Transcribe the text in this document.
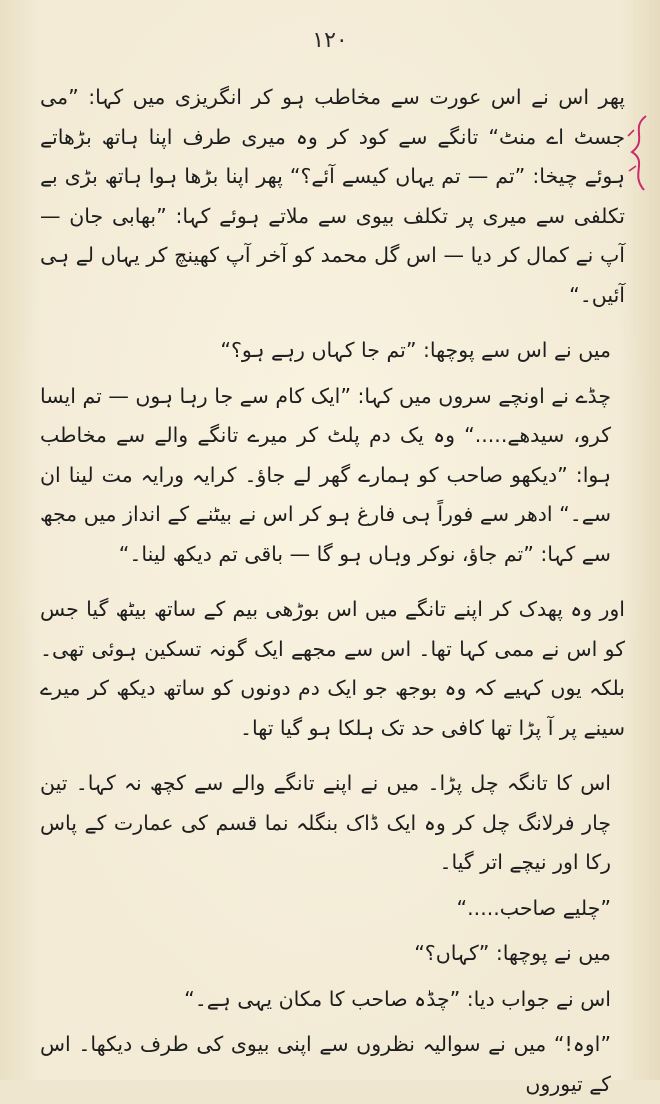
۱۲۰

پھر اس نے اس عورت سے مخاطب ہو کر انگریزی میں کہا: ”می جسٹ اے منٹ“ تانگے سے کود کر وہ میری طرف اپنا ہاتھ بڑھاتے ہوئے چیخا: ”تم — تم یہاں کیسے آئے؟“ پھر اپنا بڑھا ہوا ہاتھ بڑی بے تکلفی سے میری پر تکلف بیوی سے ملاتے ہوئے کہا: ”بھابی جان — آپ نے کمال کر دیا — اس گل محمد کو آخر آپ کھینچ کر یہاں لے ہی آئیں۔“

میں نے اس سے پوچھا: ”تم جا کہاں رہے ہو؟“

چڈے نے اونچے سروں میں کہا: ”ایک کام سے جا رہا ہوں — تم ایسا کرو، سیدھے.....“ وہ یک دم پلٹ کر میرے تانگے والے سے مخاطب ہوا: ”دیکھو صاحب کو ہمارے گھر لے جاؤ۔ کرایہ ورایہ مت لینا ان سے۔“ ادھر سے فوراً ہی فارغ ہو کر اس نے بیٹنے کے انداز میں مجھ سے کہا: ”تم جاؤ، نوکر وہاں ہو گا — باقی تم دیکھ لینا۔“

اور وہ پھدک کر اپنے تانگے میں اس بوڑھی بیم کے ساتھ بیٹھ گیا جس کو اس نے ممی کہا تھا۔ اس سے مجھے ایک گونہ تسکین ہوئی تھی۔ بلکہ یوں کہیے کہ وہ بوجھ جو ایک دم دونوں کو ساتھ دیکھ کر میرے سینے پر آ پڑا تھا کافی حد تک ہلکا ہو گیا تھا۔

اس کا تانگہ چل پڑا۔ میں نے اپنے تانگے والے سے کچھ نہ کہا۔ تین چار فرلانگ چل کر وہ ایک ڈاک بنگلہ نما قسم کی عمارت کے پاس رکا اور نیچے اتر گیا۔

”چلیے صاحب.....“

میں نے پوچھا: ”کہاں؟“

اس نے جواب دیا: ”چڈہ صاحب کا مکان یہی ہے۔“

”اوہ!“ میں نے سوالیہ نظروں سے اپنی بیوی کی طرف دیکھا۔ اس کے تیوروں
